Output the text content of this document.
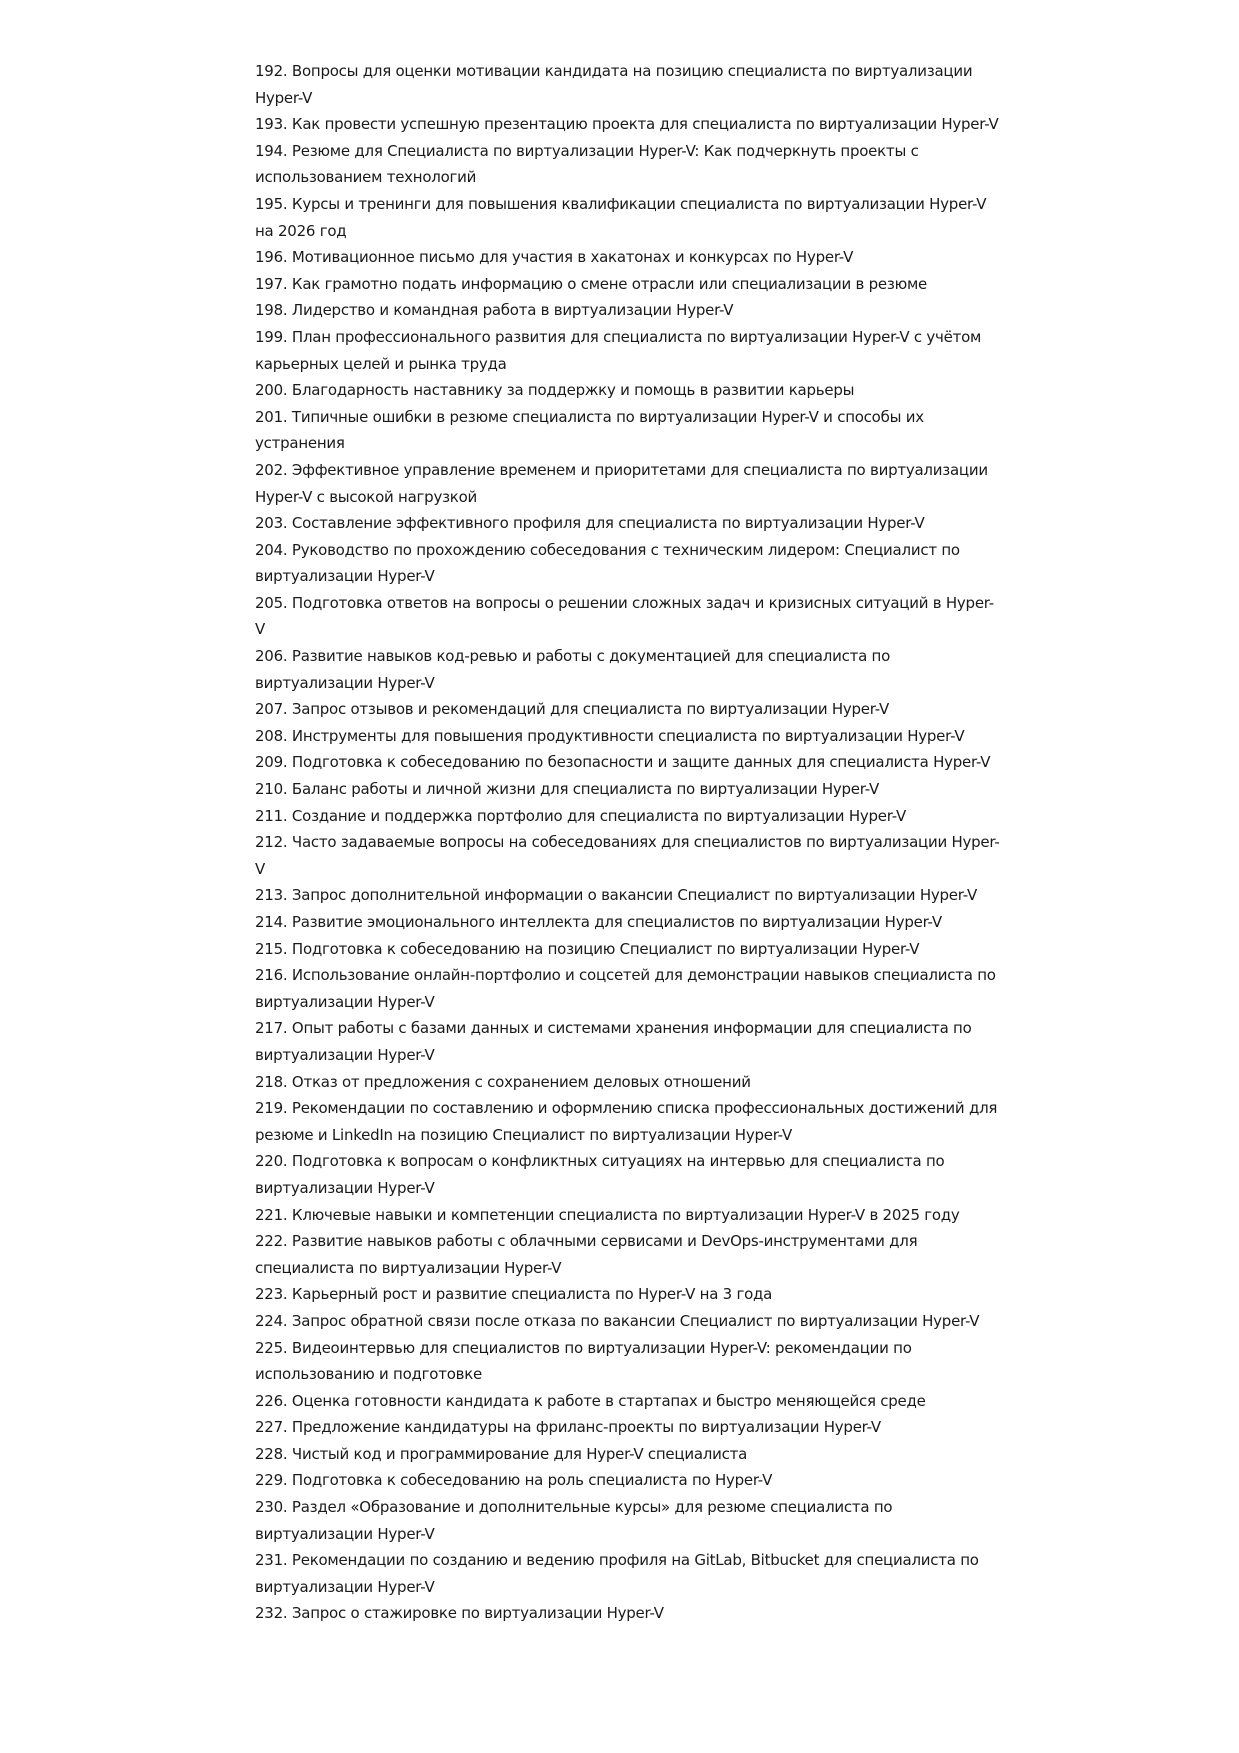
192. Вопросы для оценки мотивации кандидата на позицию специалиста по виртуализации Hyper-V
193. Как провести успешную презентацию проекта для специалиста по виртуализации Hyper-V
194. Резюме для Специалиста по виртуализации Hyper-V: Как подчеркнуть проекты с использованием технологий
195. Курсы и тренинги для повышения квалификации специалиста по виртуализации Hyper-V на 2026 год
196. Мотивационное письмо для участия в хакатонах и конкурсах по Hyper-V
197. Как грамотно подать информацию о смене отрасли или специализации в резюме
198. Лидерство и командная работа в виртуализации Hyper-V
199. План профессионального развития для специалиста по виртуализации Hyper-V с учётом карьерных целей и рынка труда
200. Благодарность наставнику за поддержку и помощь в развитии карьеры
201. Типичные ошибки в резюме специалиста по виртуализации Hyper-V и способы их устранения
202. Эффективное управление временем и приоритетами для специалиста по виртуализации Hyper-V с высокой нагрузкой
203. Составление эффективного профиля для специалиста по виртуализации Hyper-V
204. Руководство по прохождению собеседования с техническим лидером: Специалист по виртуализации Hyper-V
205. Подготовка ответов на вопросы о решении сложных задач и кризисных ситуаций в Hyper-V
206. Развитие навыков код-ревью и работы с документацией для специалиста по виртуализации Hyper-V
207. Запрос отзывов и рекомендаций для специалиста по виртуализации Hyper-V
208. Инструменты для повышения продуктивности специалиста по виртуализации Hyper-V
209. Подготовка к собеседованию по безопасности и защите данных для специалиста Hyper-V
210. Баланс работы и личной жизни для специалиста по виртуализации Hyper-V
211. Создание и поддержка портфолио для специалиста по виртуализации Hyper-V
212. Часто задаваемые вопросы на собеседованиях для специалистов по виртуализации Hyper-V
213. Запрос дополнительной информации о вакансии Специалист по виртуализации Hyper-V
214. Развитие эмоционального интеллекта для специалистов по виртуализации Hyper-V
215. Подготовка к собеседованию на позицию Специалист по виртуализации Hyper-V
216. Использование онлайн-портфолио и соцсетей для демонстрации навыков специалиста по виртуализации Hyper-V
217. Опыт работы с базами данных и системами хранения информации для специалиста по виртуализации Hyper-V
218. Отказ от предложения с сохранением деловых отношений
219. Рекомендации по составлению и оформлению списка профессиональных достижений для резюме и LinkedIn на позицию Специалист по виртуализации Hyper-V
220. Подготовка к вопросам о конфликтных ситуациях на интервью для специалиста по виртуализации Hyper-V
221. Ключевые навыки и компетенции специалиста по виртуализации Hyper-V в 2025 году
222. Развитие навыков работы с облачными сервисами и DevOps-инструментами для специалиста по виртуализации Hyper-V
223. Карьерный рост и развитие специалиста по Hyper-V на 3 года
224. Запрос обратной связи после отказа по вакансии Специалист по виртуализации Hyper-V
225. Видеоинтервью для специалистов по виртуализации Hyper-V: рекомендации по использованию и подготовке
226. Оценка готовности кандидата к работе в стартапах и быстро меняющейся среде
227. Предложение кандидатуры на фриланс-проекты по виртуализации Hyper-V
228. Чистый код и программирование для Hyper-V специалиста
229. Подготовка к собеседованию на роль специалиста по Hyper-V
230. Раздел «Образование и дополнительные курсы» для резюме специалиста по виртуализации Hyper-V
231. Рекомендации по созданию и ведению профиля на GitLab, Bitbucket для специалиста по виртуализации Hyper-V
232. Запрос о стажировке по виртуализации Hyper-V
